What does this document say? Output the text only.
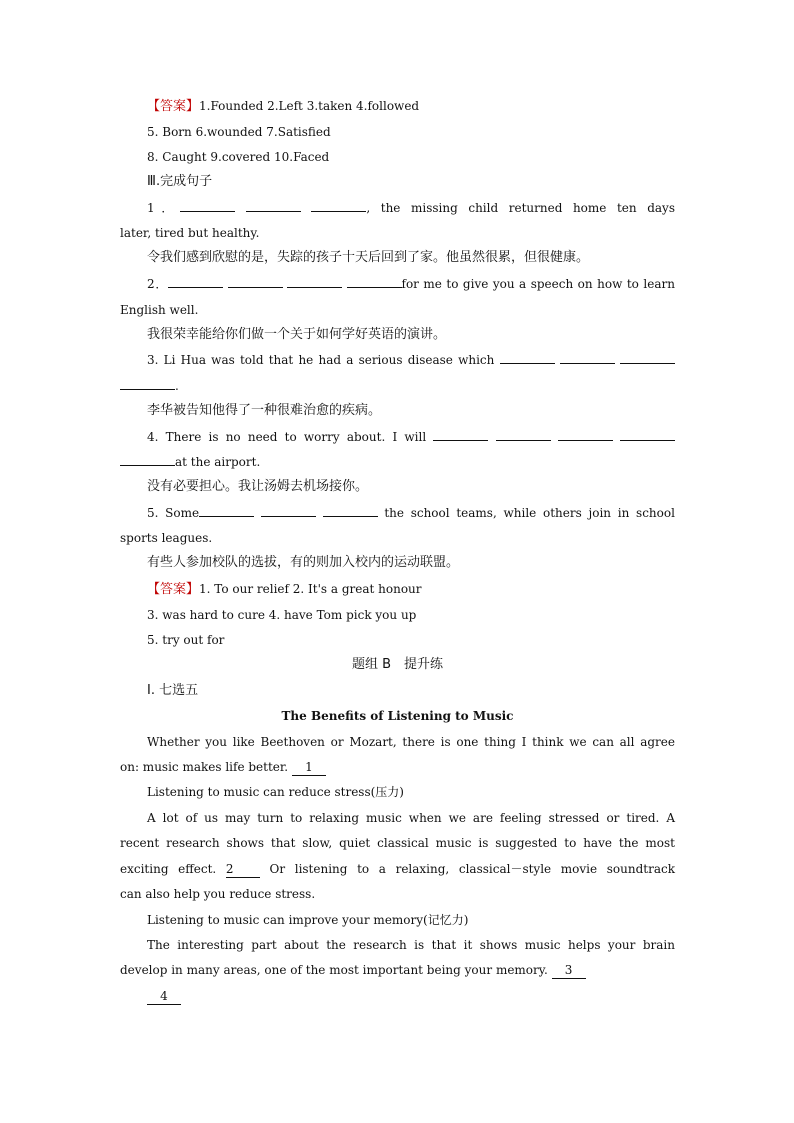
【答案】1.Founded 2.Left 3.taken 4.followed
5. Born 6.wounded 7.Satisfied
8. Caught 9.covered 10.Faced
Ⅲ.完成句子
1．	, the missing child returned home ten days
later, tired but healthy.
令我们感到欣慰的是，失踪的孩子十天后回到了家。他虽然很累，但很健康。
2．	for me to give you a speech on how to learn
English well.
我很荣幸能给你们做一个关于如何学好英语的演讲。
3. Li Hua was told that he had a serious disease which
.
李华被告知他得了一种很难治愈的疾病。
4. There is no need to worry about. I will
at the airport.
没有必要担心。我让汤姆去机场接你。
5. Some	the school teams, while others join in school
sports leagues.
有些人参加校队的选拔，有的则加入校内的运动联盟。
【答案】1. To our relief 2. It's a great honour
3. was hard to cure 4. have Tom pick you up
5. try out for
题组 B　提升练
Ⅰ. 七选五
The Benefits of Listening to Music
Whether you like Beethoven or Mozart, there is one thing I think we can all agree
on: music makes life better. 1
Listening to music can reduce stress(压力)
A lot of us may turn to relaxing music when we are feeling stressed or tired. A
recent research shows that slow, quiet classical music is suggested to have the most
exciting effect. 2	Or listening to a relaxing, classical－style movie soundtrack
can also help you reduce stress.
Listening to music can improve your memory(记忆力)
The interesting part about the research is that it shows music helps your brain
develop in many areas, one of the most important being your memory. 3
4
